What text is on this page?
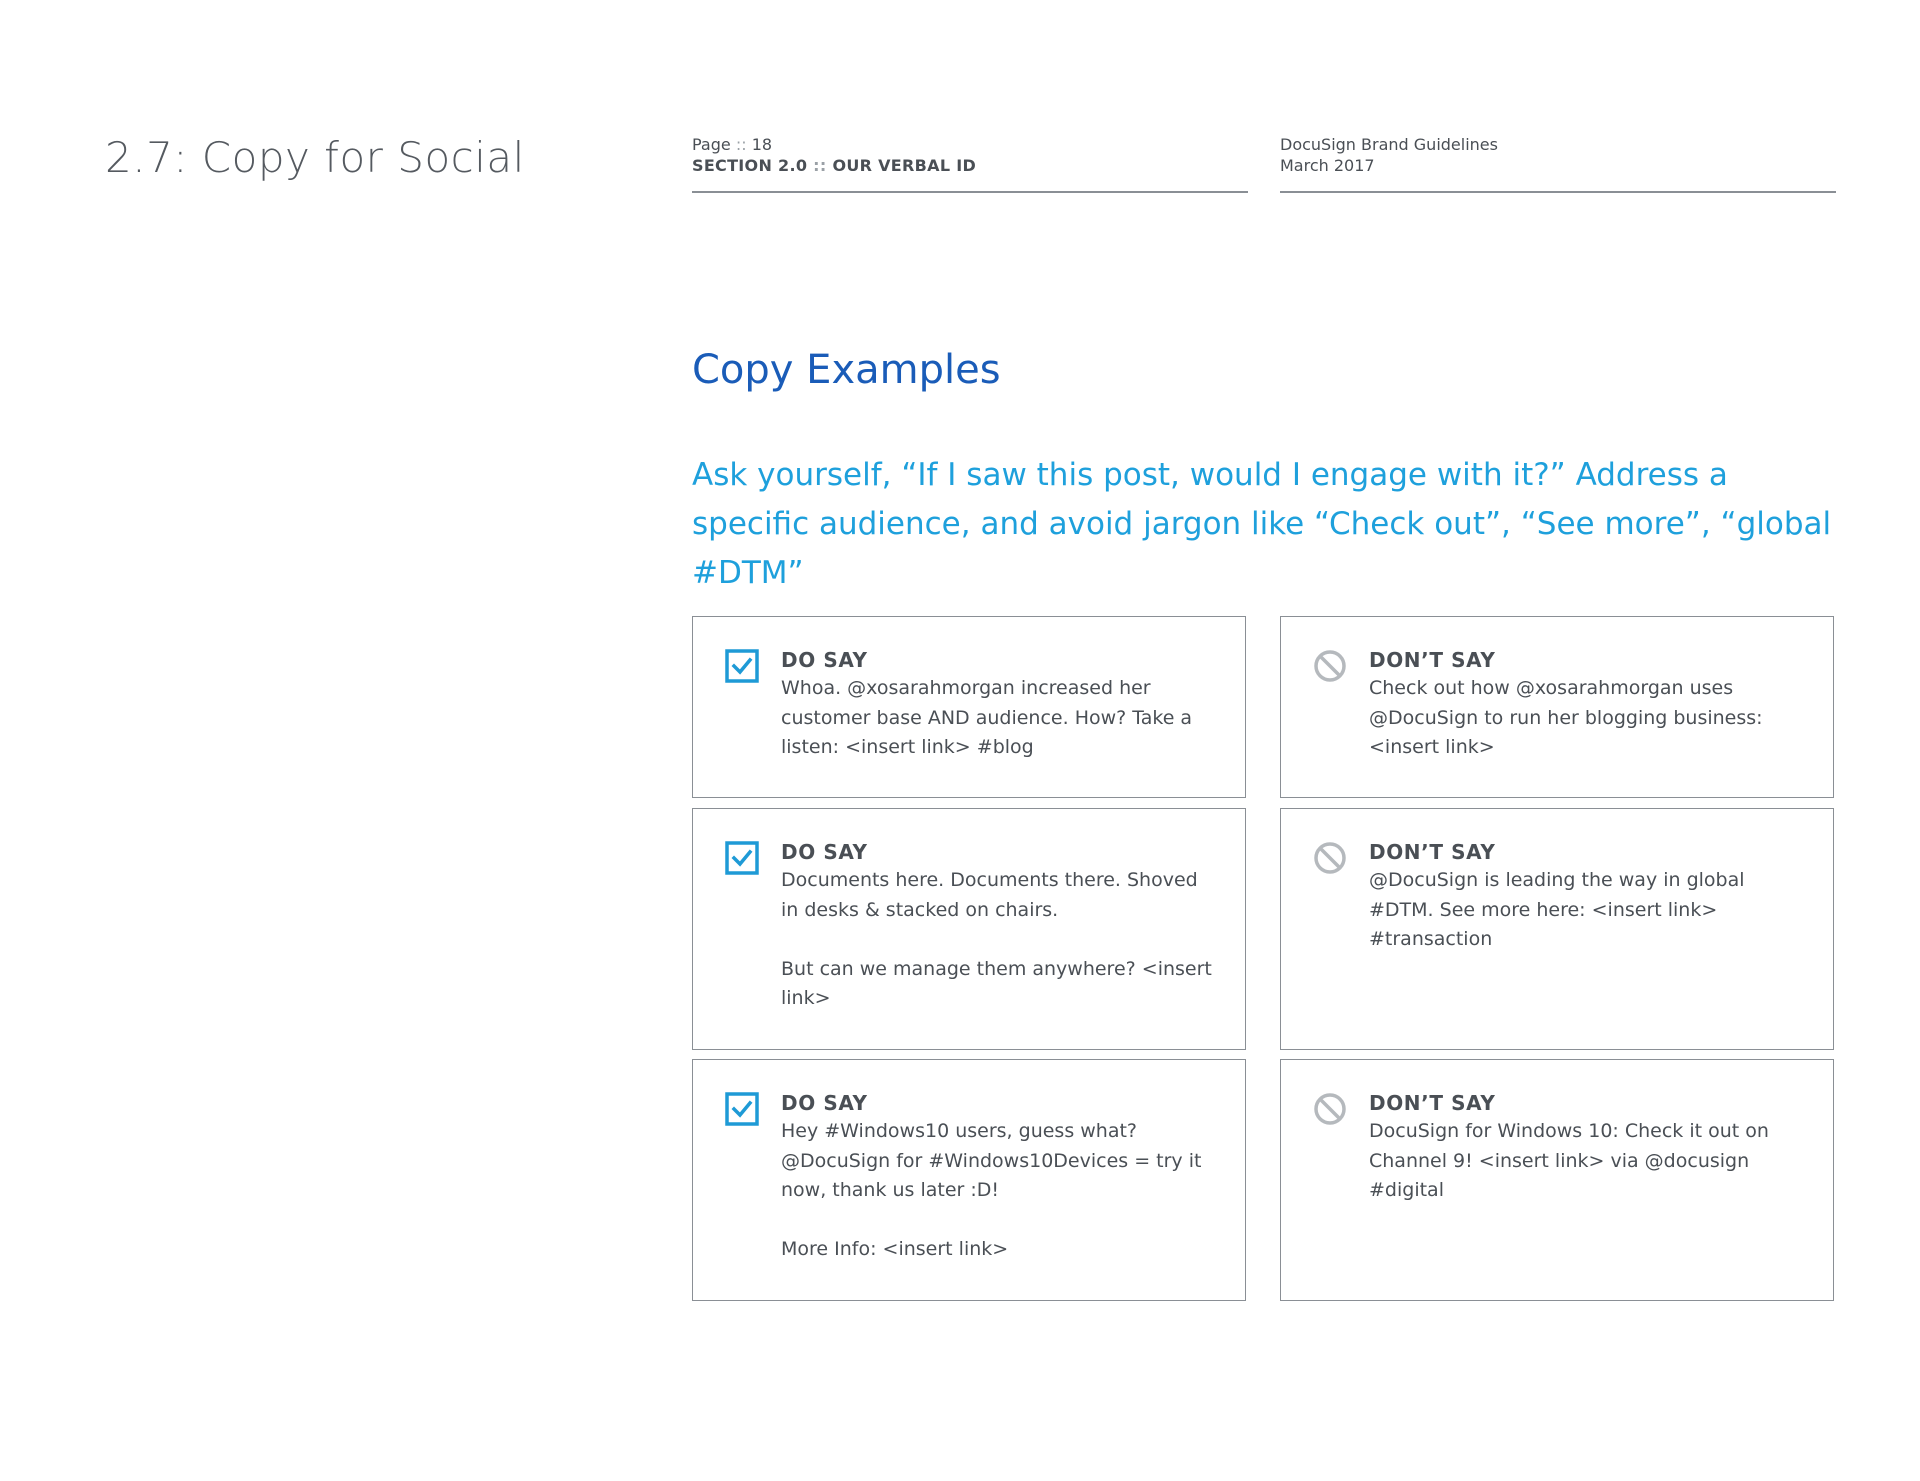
2.7: Copy for Social	Page :: 18
SECTION 2.0 :: OUR VERBAL ID
DocuSign Brand Guidelines
March 2017
Copy Examples

Ask yourself, “If I saw this post, would I engage with it?” Address a specific audience, and avoid jargon like “Check out”, “See more”, “global #DTM”

DO SAY
Whoa. @xosarahmorgan increased her customer base AND audience. How? Take a listen: <insert link> #blog
DON’T SAY
Check out how @xosarahmorgan uses @DocuSign to run her blogging business: <insert link>
DO SAY
Documents here. Documents there. Shoved in desks & stacked on chairs.

But can we manage them anywhere? <insert link>
DON’T SAY
@DocuSign is leading the way in global #DTM. See more here: <insert link> #transaction
DO SAY
Hey #Windows10 users, guess what? @DocuSign for #Windows10Devices = try it now, thank us later :D!

More Info: <insert link>
DON’T SAY
DocuSign for Windows 10: Check it out on Channel 9! <insert link> via @docusign #digital
